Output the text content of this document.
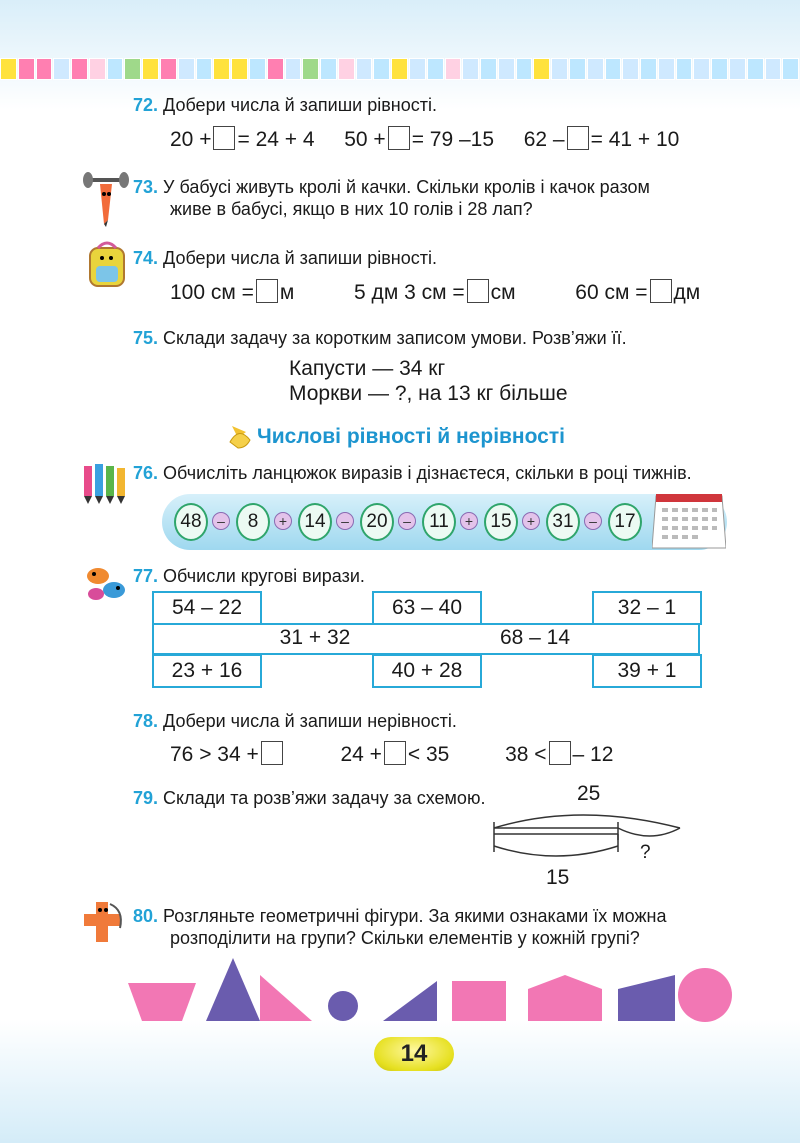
72. Добери числа й запиши рівності.
20 + = 24 + 4 50 + = 79 –15 62 – = 41 + 10
73. У бабусі живуть кролі й качки. Скільки кролів і качок разом
живе в бабусі, якщо в них 10 голів і 28 лап?
74. Добери числа й запиши рівності.
100 см = м	5 дм 3 см = см	60 см = дм
75. Склади задачу за коротким записом умови. Розв’яжи її.
Капусти — 34 кг
Моркви — ?, на 13 кг більше
Числові рівності й нерівності
76. Обчисліть ланцюжок виразів і дізнаєтеся, скільки в році тижнів.
48	–	8	+ 14	– 20	– 11	+ 15	+ 31	– 17
77. Обчисли кругові вирази.
54 – 22	63 – 40	32 – 1
31 + 32	68 – 14
23 + 16	40 + 28	39 + 1
78. Добери числа й запиши нерівності.
76 > 34 +	24 + < 35	38 < – 12
79. Склади та розв’яжи задачу за схемою.	25
?
15
80. Розгляньте геометричні фігури. За якими ознаками їх можна
розподілити на групи? Скільки елементів у кожній групі?
14
